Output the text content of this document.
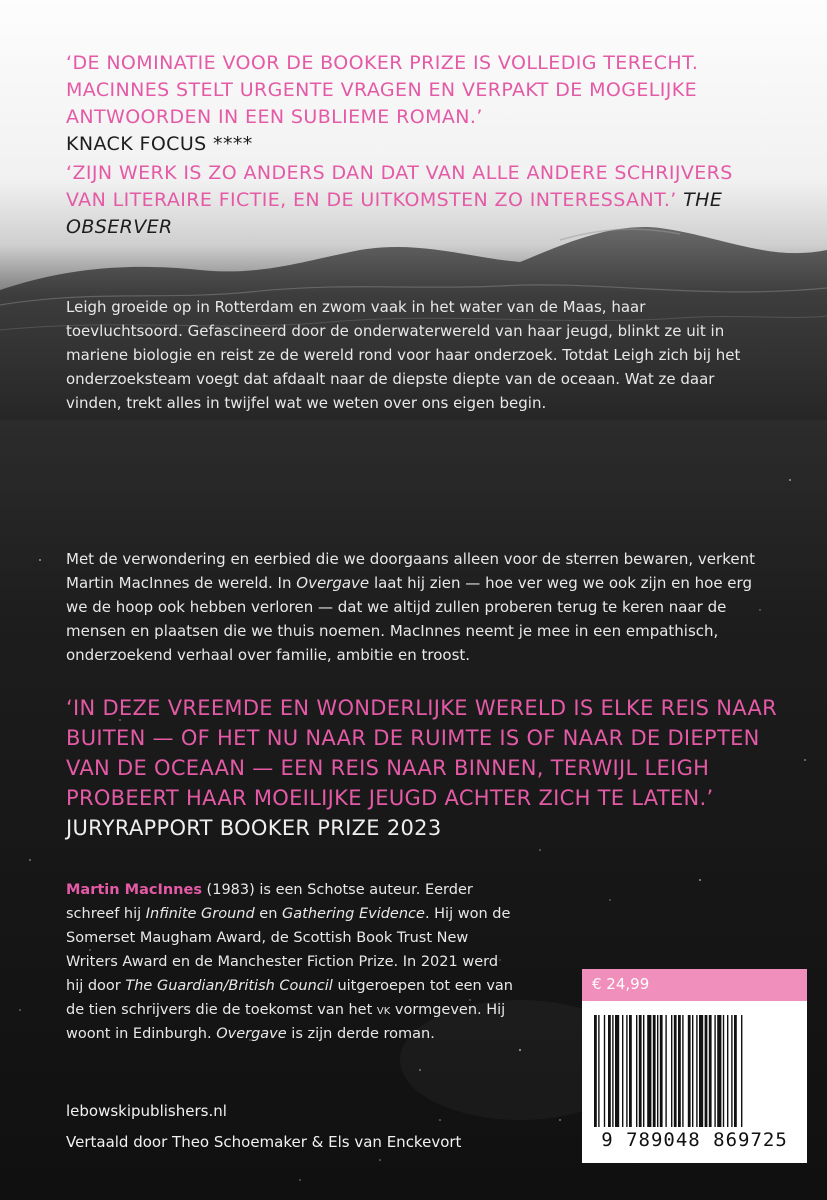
‘DE NOMINATIE VOOR DE BOOKER PRIZE IS VOLLEDIG TERECHT. MACINNES STELT URGENTE VRAGEN EN VERPAKT DE MOGELIJKE ANTWOORDEN IN EEN SUBLIEME ROMAN.’
KNACK FOCUS ****

‘ZIJN WERK IS ZO ANDERS DAN DAT VAN ALLE ANDERE SCHRIJVERS VAN LITERAIRE FICTIE, EN DE UITKOMSTEN ZO INTERESSANT.’ THE OBSERVER

Leigh groeide op in Rotterdam en zwom vaak in het water van de Maas, haar toevluchtsoord. Gefascineerd door de onderwaterwereld van haar jeugd, blinkt ze uit in mariene biologie en reist ze de wereld rond voor haar onderzoek. Totdat Leigh zich bij het onderzoeksteam voegt dat afdaalt naar de diepste diepte van de oceaan. Wat ze daar vinden, trekt alles in twijfel wat we weten over ons eigen begin.

Met de verwondering en eerbied die we doorgaans alleen voor de sterren bewaren, verkent Martin MacInnes de wereld. In Overgave laat hij zien — hoe ver weg we ook zijn en hoe erg we de hoop ook hebben verloren — dat we altijd zullen proberen terug te keren naar de mensen en plaatsen die we thuis noemen. MacInnes neemt je mee in een empathisch, onderzoekend verhaal over familie, ambitie en troost.

‘IN DEZE VREEMDE EN WONDERLIJKE WERELD IS ELKE REIS NAAR BUITEN — OF HET NU NAAR DE RUIMTE IS OF NAAR DE DIEPTEN VAN DE OCEAAN — EEN REIS NAAR BINNEN, TERWIJL LEIGH PROBEERT HAAR MOEILIJKE JEUGD ACHTER ZICH TE LATEN.’
JURYRAPPORT BOOKER PRIZE 2023

Martin MacInnes (1983) is een Schotse auteur. Eerder schreef hij Infinite Ground en Gathering Evidence. Hij won de Somerset Maugham Award, de Scottish Book Trust New Writers Award en de Manchester Fiction Prize. In 2021 werd hij door The Guardian/British Council uitgeroepen tot een van de tien schrijvers die de toekomst van het vk vormgeven. Hij woont in Edinburgh. Overgave is zijn derde roman.

lebowskipublishers.nl

Vertaald door Theo Schoemaker & Els van Enckevort

€ 24,99
9 789048 869725
